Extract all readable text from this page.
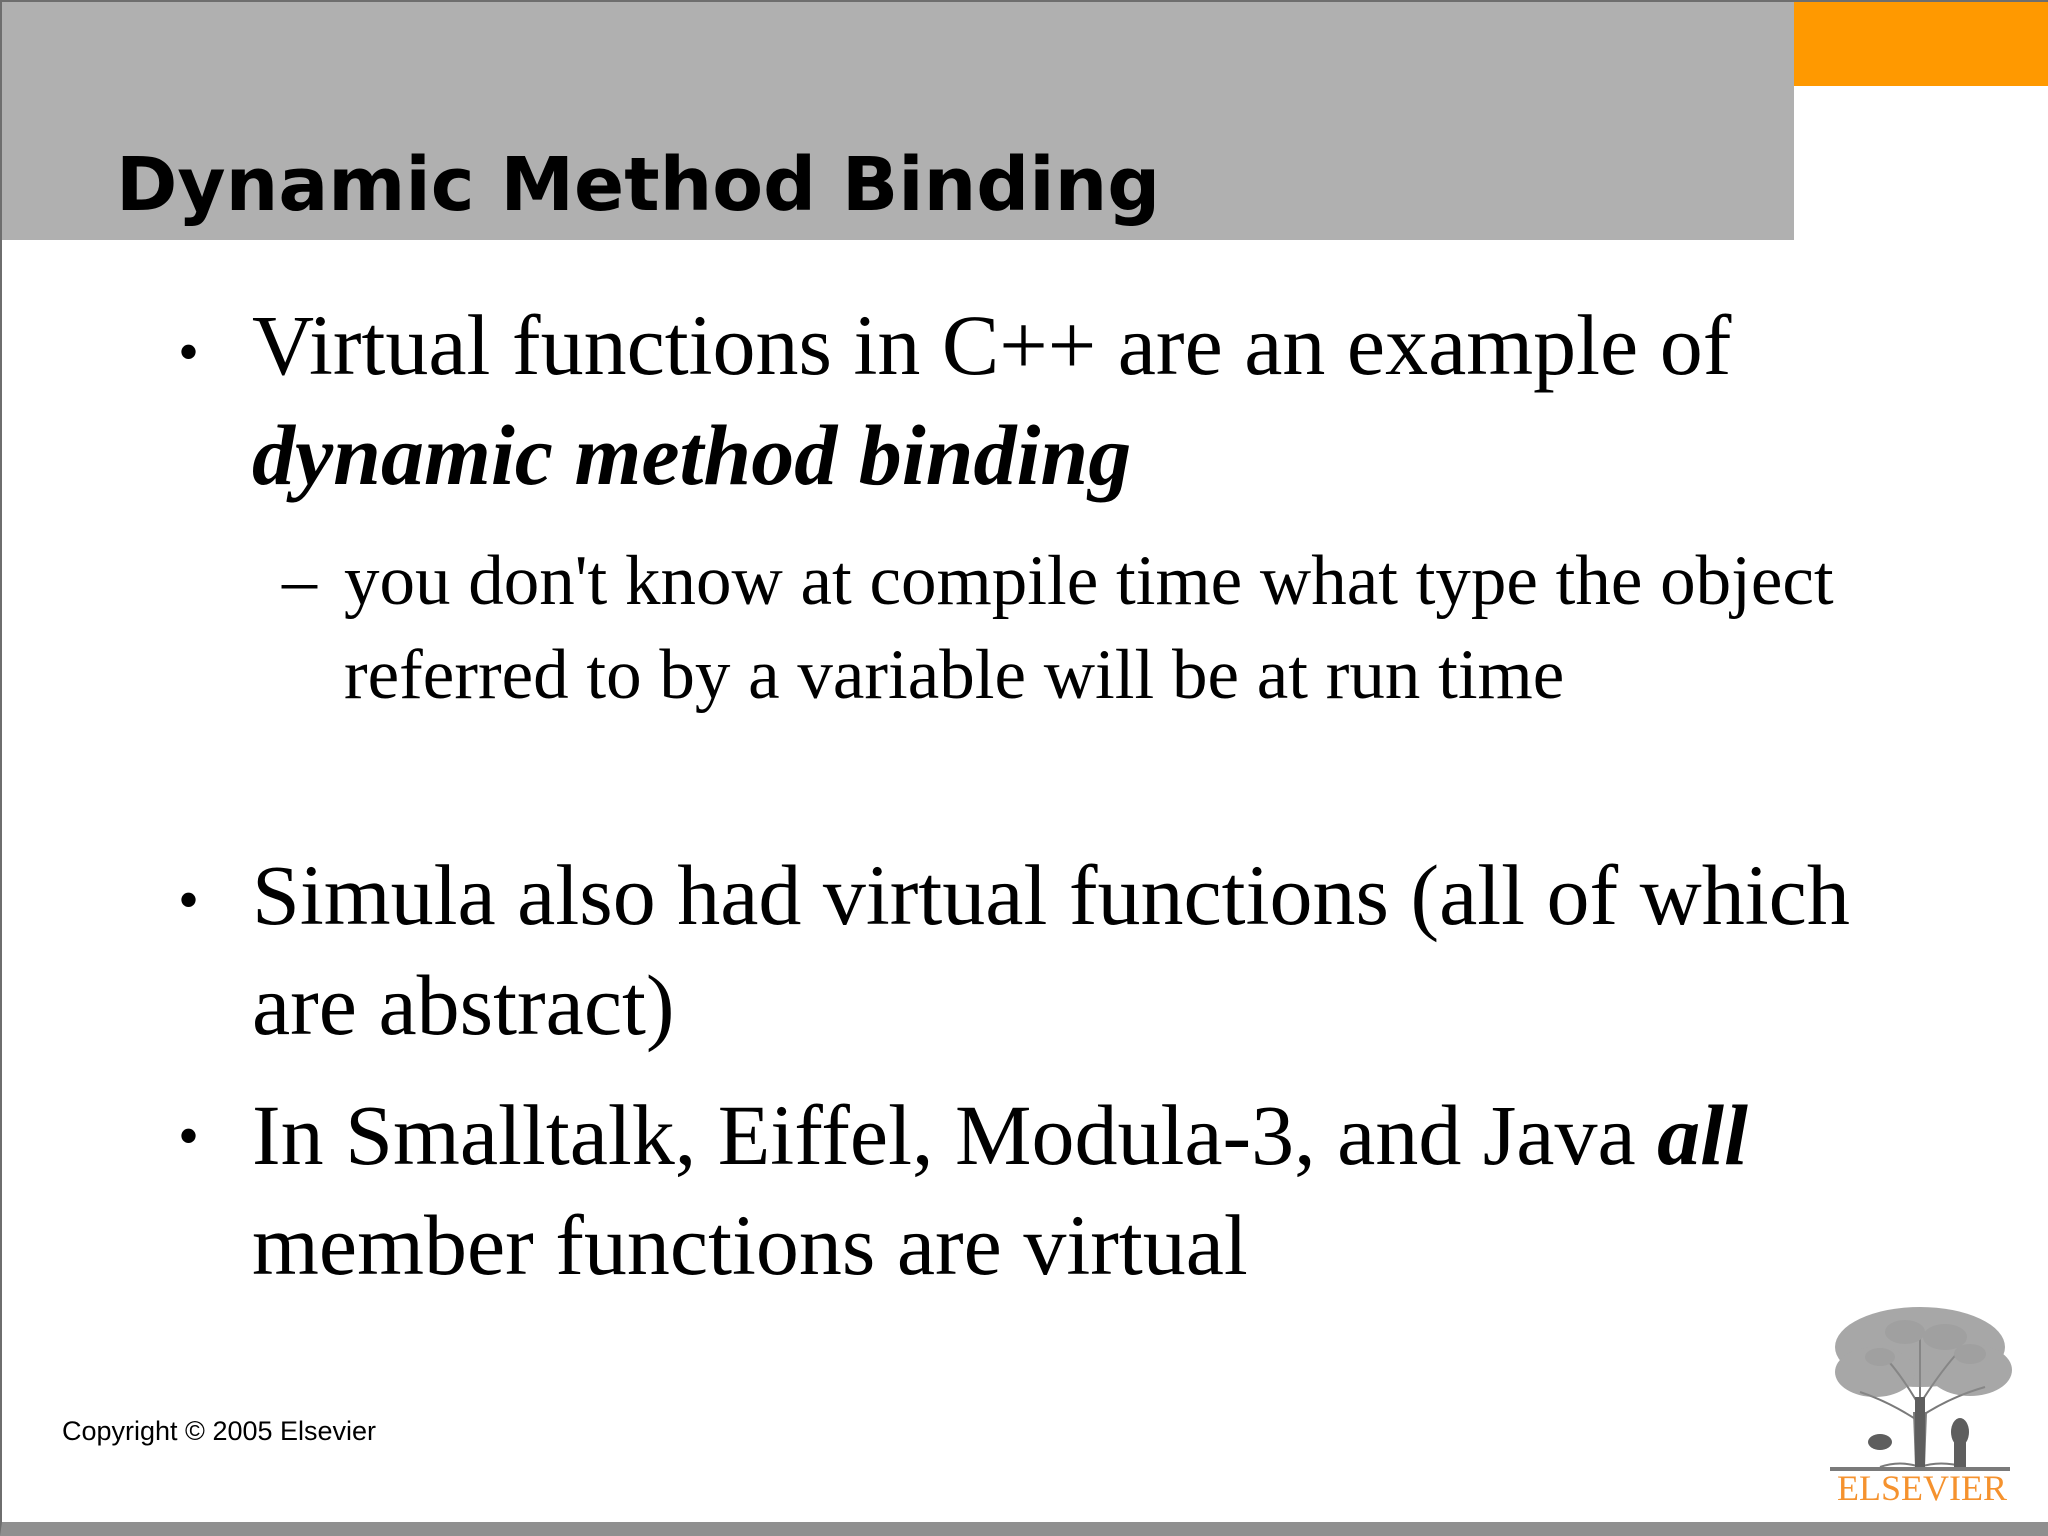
Dynamic Method Binding
• Virtual functions in C++ are an example of dynamic method binding
– you don't know at compile time what type the object referred to by a variable will be at run time
• Simula also had virtual functions (all of which are abstract)
• In Smalltalk, Eiffel, Modula-3, and Java all member functions are virtual
Copyright © 2005 Elsevier
ELSEVIER
